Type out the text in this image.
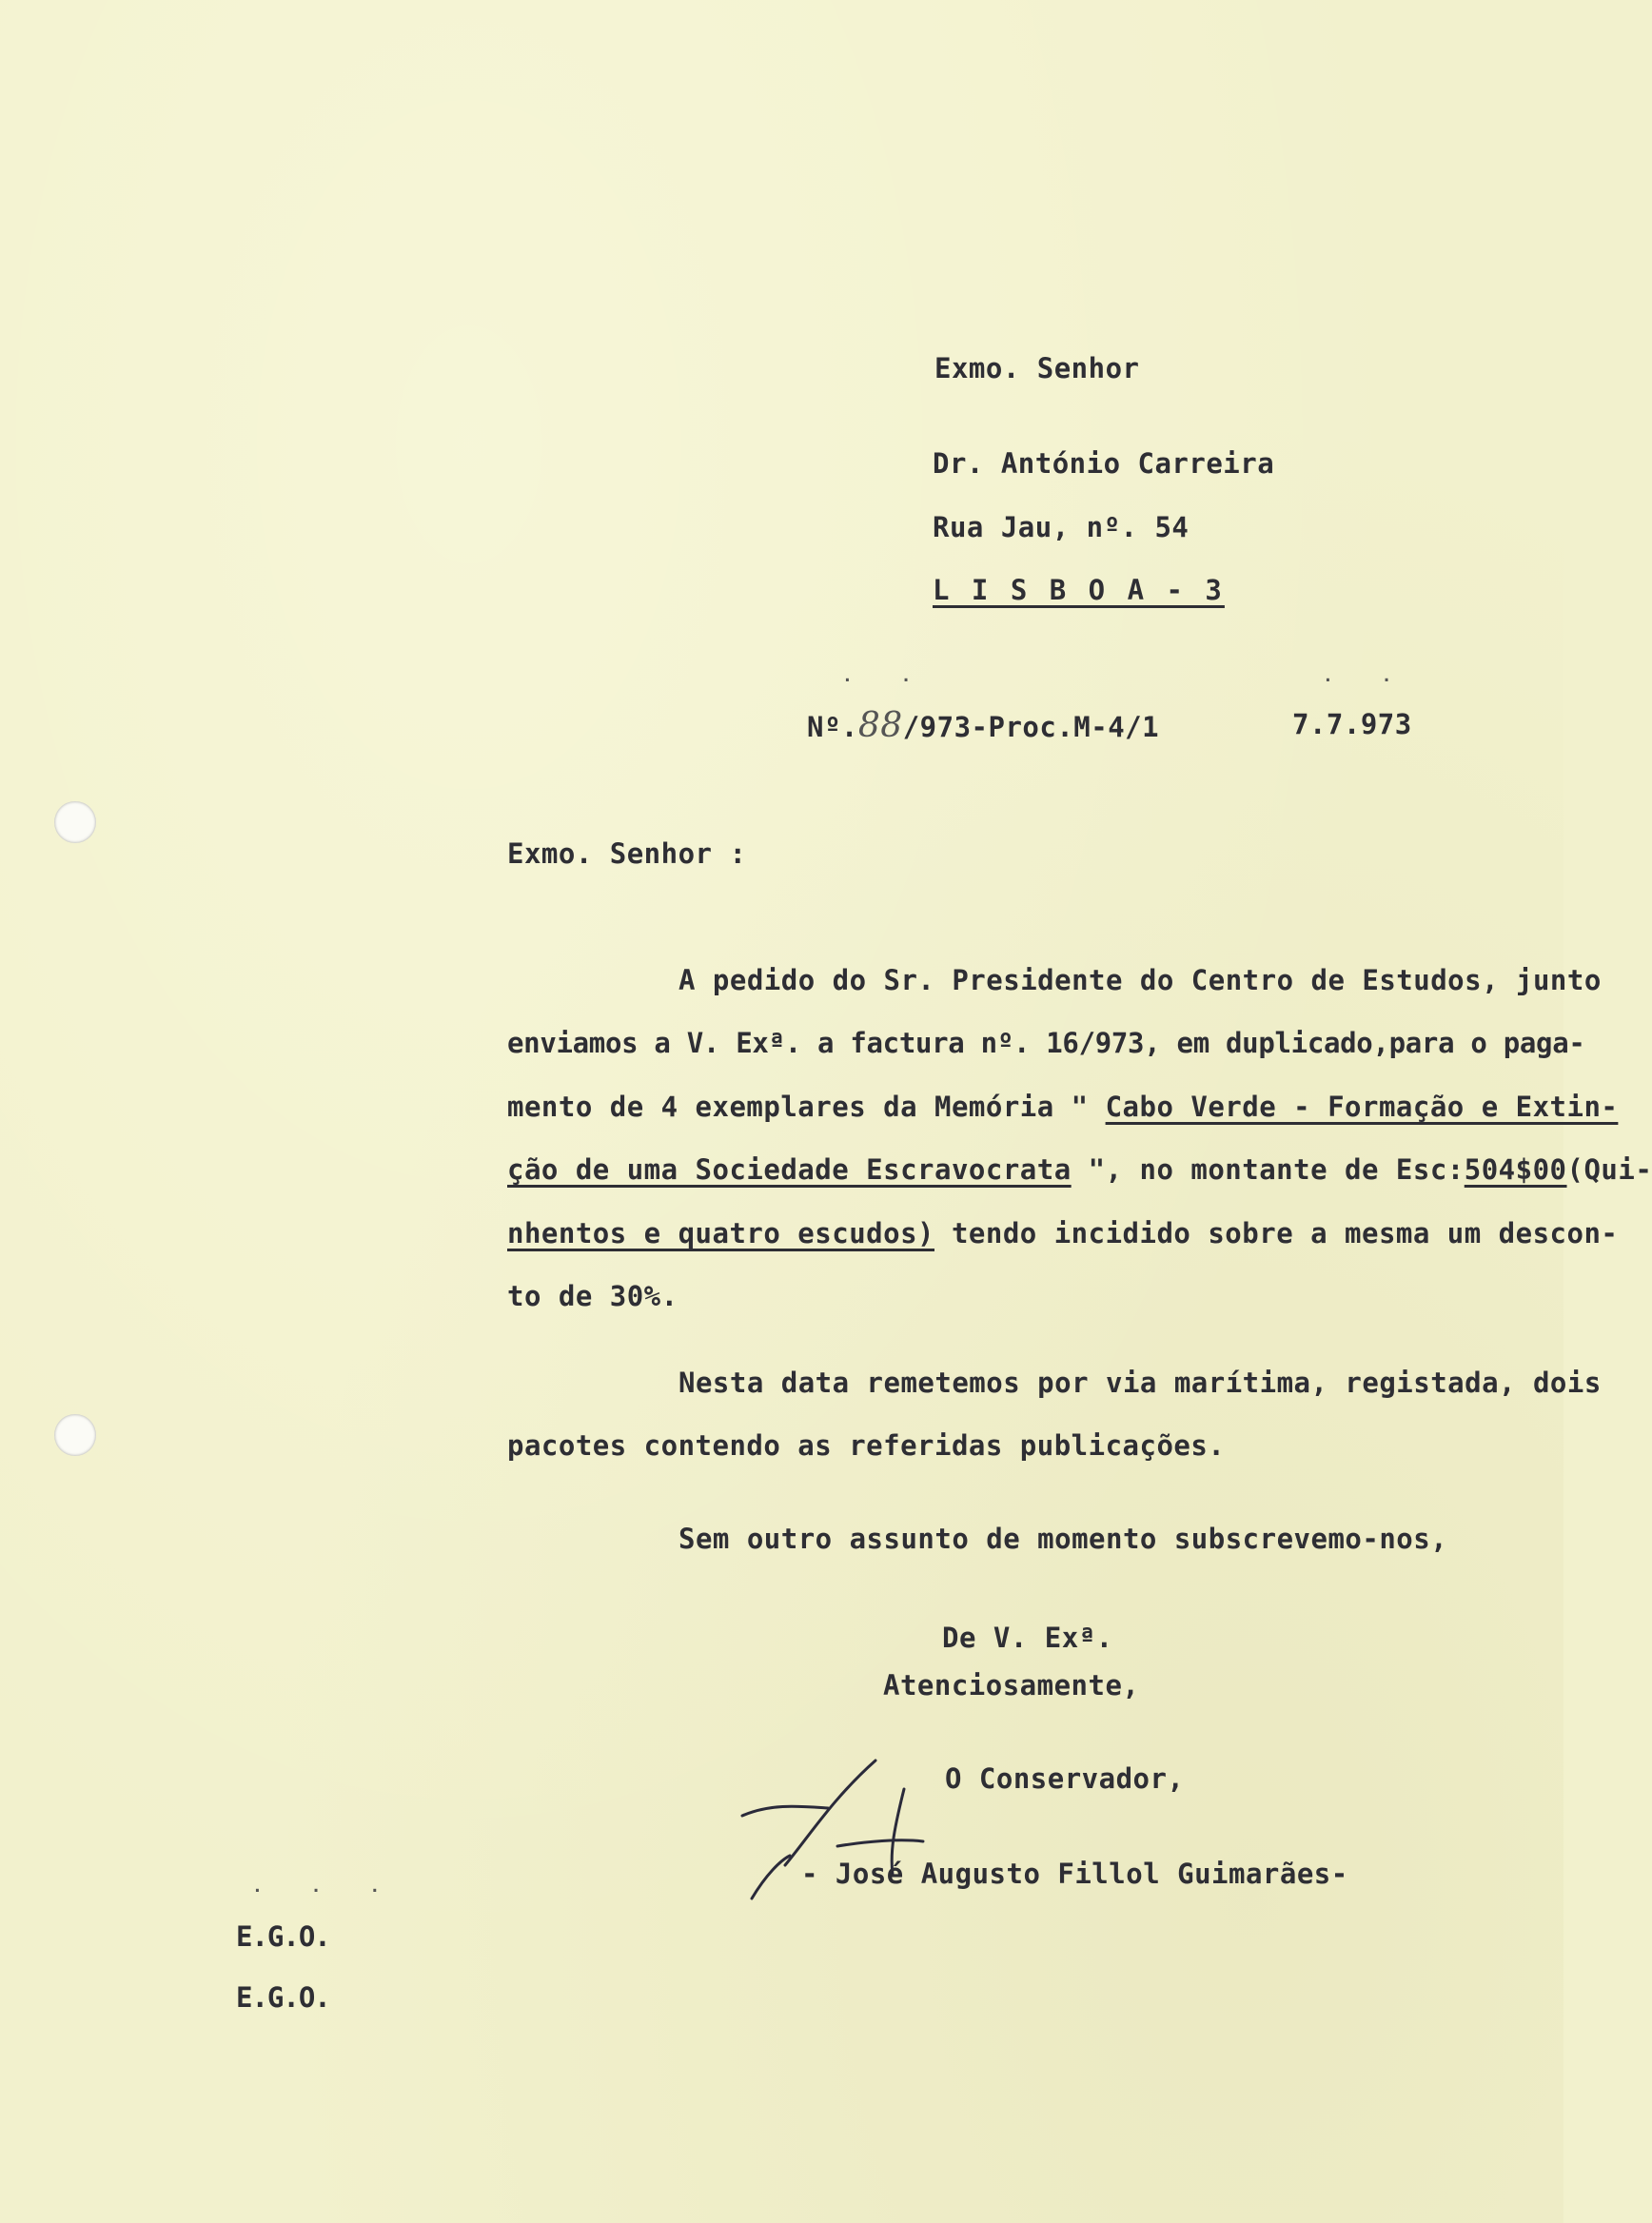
Exmo. Senhor
Dr. António Carreira
Rua Jau, nº. 54
L I S B O A - 3
. .	. .
Nº.88/973-Proc.M-4/1	7.7.973
Exmo. Senhor :
A pedido do Sr. Presidente do Centro de Estudos, junto
enviamos a V. Exª. a factura nº. 16/973, em duplicado,para o paga-
mento de 4 exemplares da Memória " Cabo Verde - Formação e Extin-
ção de uma Sociedade Escravocrata ", no montante de Esc:504$00(Qui-
nhentos e quatro escudos) tendo incidido sobre a mesma um descon-
to de 30%.
Nesta data remetemos por via marítima, registada, dois
pacotes contendo as referidas publicações.
Sem outro assunto de momento subscrevemo-nos,
De V. Exª.
Atenciosamente,
O Conservador,
- José Augusto Fillol Guimarães-
. . .
E.G.O.
E.G.O.
